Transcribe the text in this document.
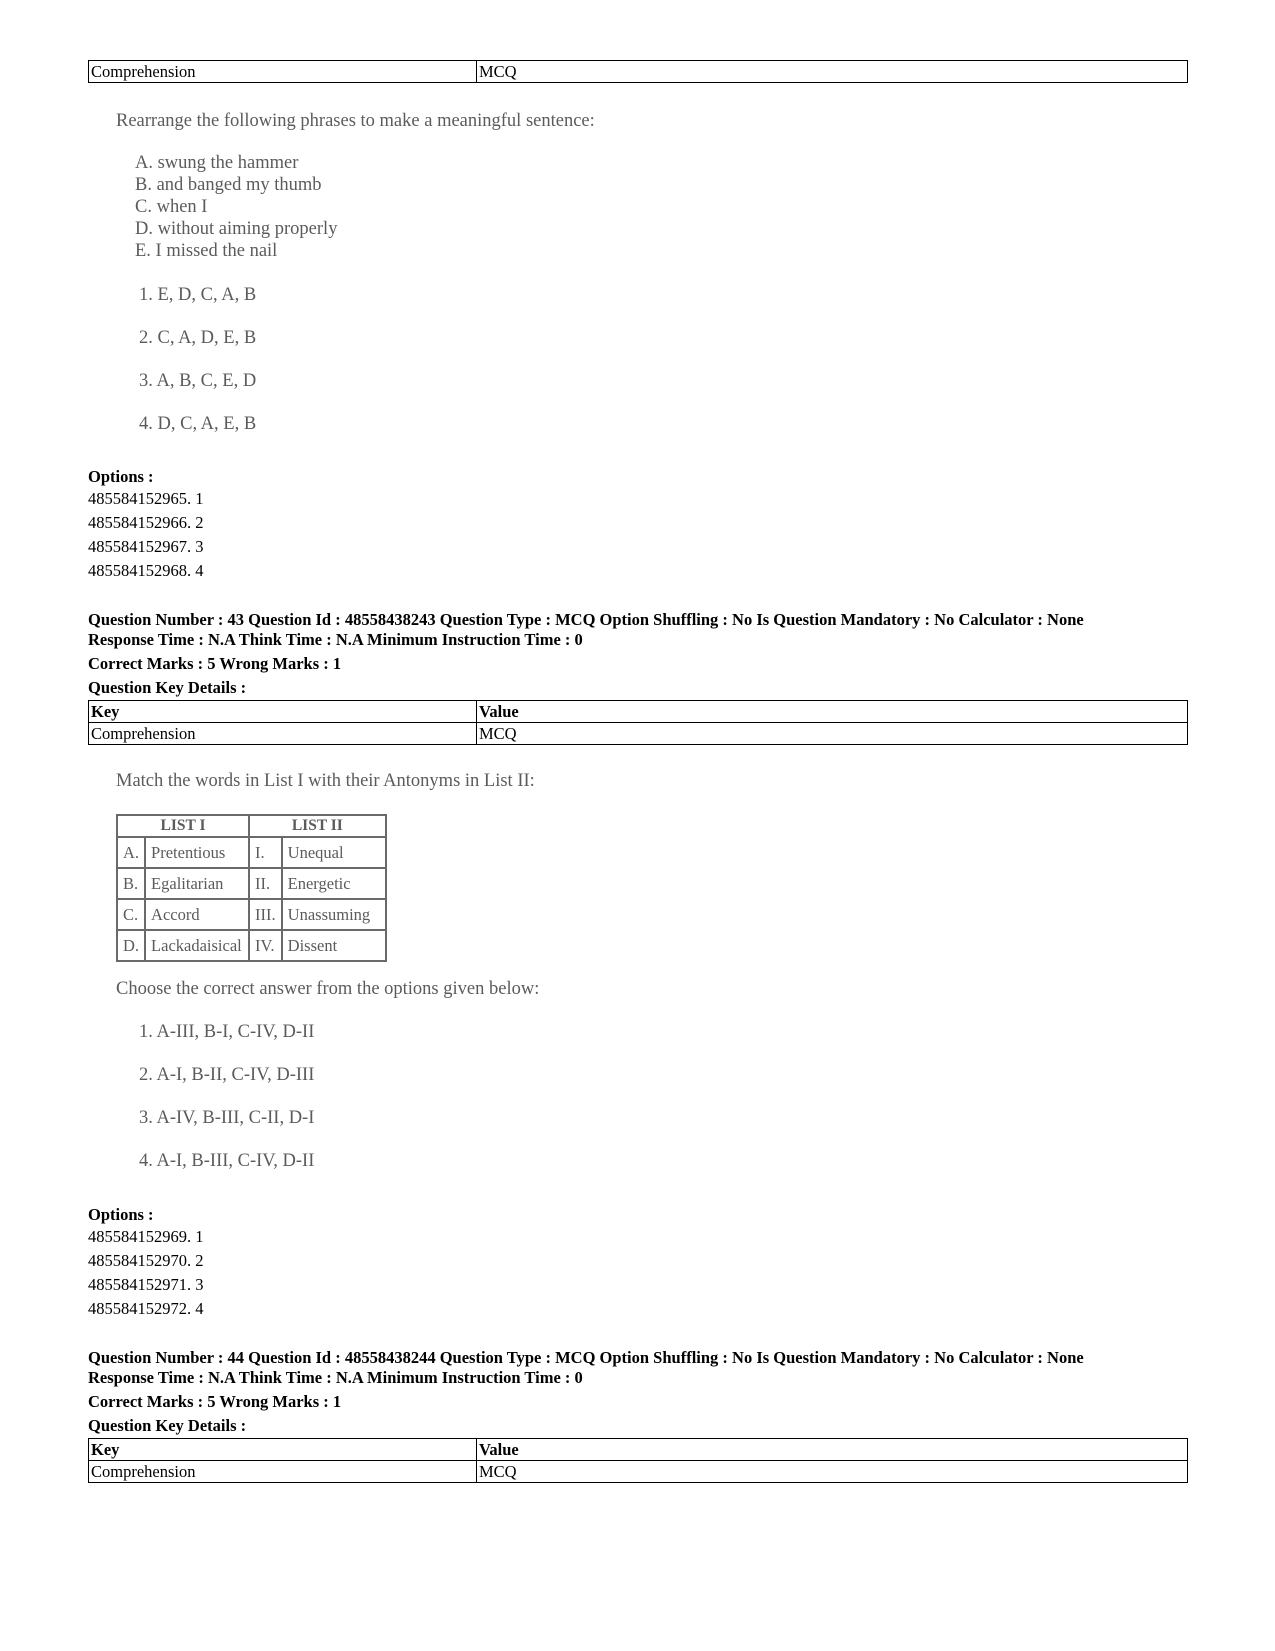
Comprehension	MCQ
Rearrange the following phrases to make a meaningful sentence:
A. swung the hammer
B. and banged my thumb
C. when I
D. without aiming properly
E. I missed the nail
1. E, D, C, A, B
2. C, A, D, E, B
3. A, B, C, E, D
4. D, C, A, E, B
Options :
485584152965. 1
485584152966. 2
485584152967. 3
485584152968. 4
Question Number : 43 Question Id : 48558438243 Question Type : MCQ Option Shuffling : No Is Question Mandatory : No Calculator : None
Response Time : N.A Think Time : N.A Minimum Instruction Time : 0
Correct Marks : 5 Wrong Marks : 1
Question Key Details :
Key	Value
Comprehension	MCQ
Match the words in List I with their Antonyms in List II:
LIST I		LIST II	
A.	Pretentious	I.	Unequal
B.	Egalitarian	II.	Energetic
C.	Accord	III.	Unassuming
D.	Lackadaisical	IV.	Dissent
Choose the correct answer from the options given below:
1. A-III, B-I, C-IV, D-II
2. A-I, B-II, C-IV, D-III
3. A-IV, B-III, C-II, D-I
4. A-I, B-III, C-IV, D-II
Options :
485584152969. 1
485584152970. 2
485584152971. 3
485584152972. 4
Question Number : 44 Question Id : 48558438244 Question Type : MCQ Option Shuffling : No Is Question Mandatory : No Calculator : None
Response Time : N.A Think Time : N.A Minimum Instruction Time : 0
Correct Marks : 5 Wrong Marks : 1
Question Key Details :
Key	Value
Comprehension	MCQ
